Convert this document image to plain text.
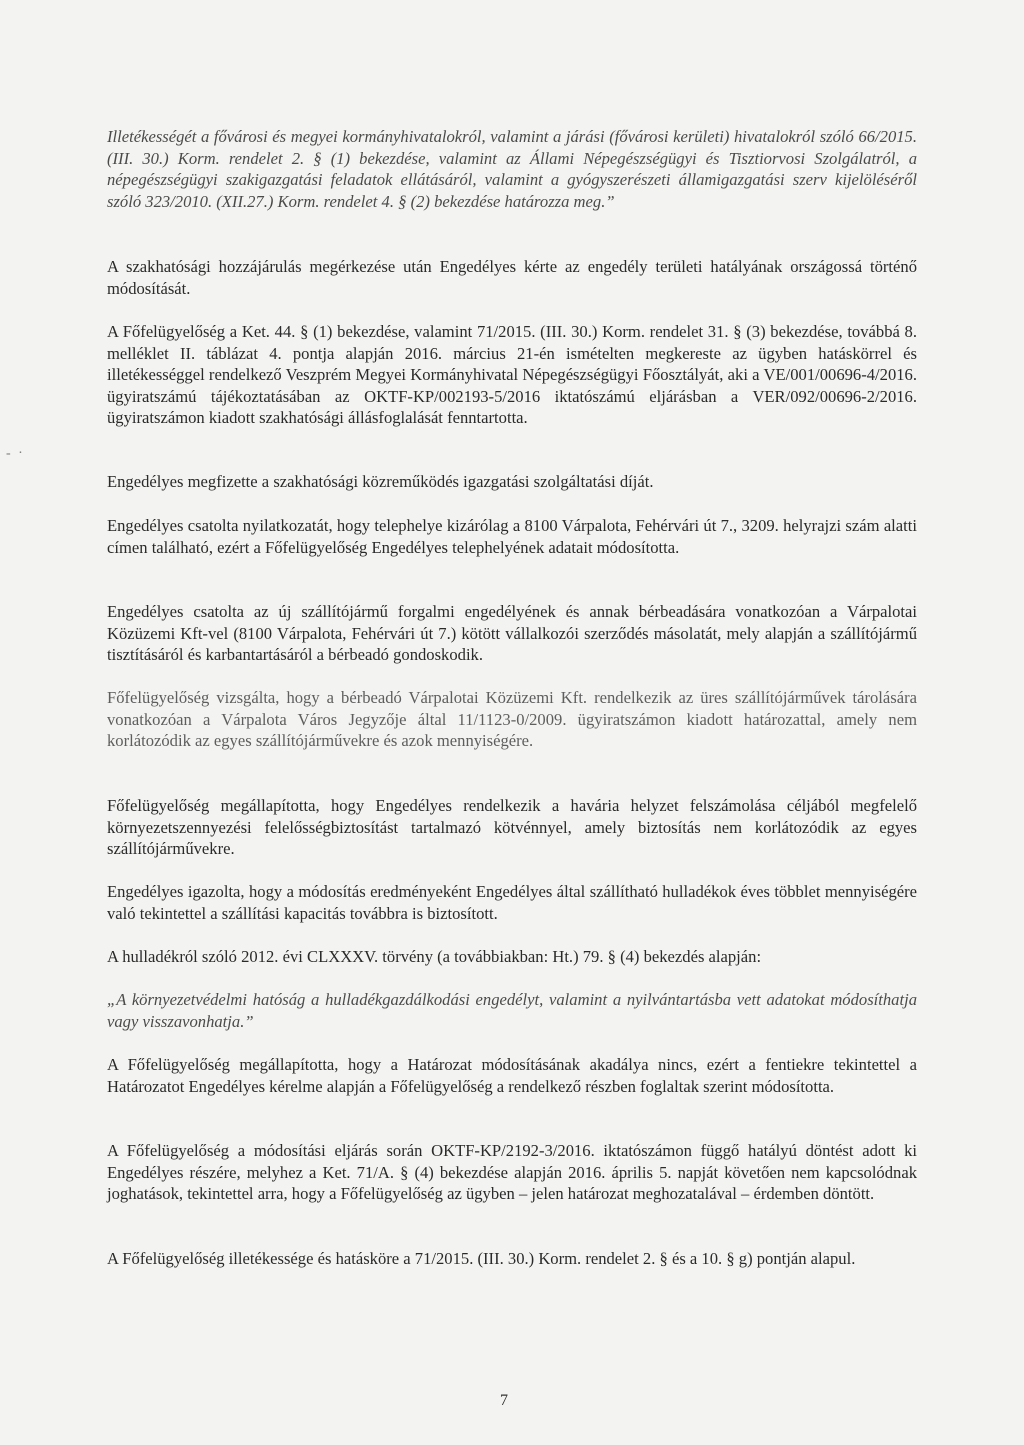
- ·

Illetékességét a fővárosi és megyei kormányhivatalokról, valamint a járási (fővárosi kerületi) hivatalokról szóló 66/2015. (III. 30.) Korm. rendelet 2. § (1) bekezdése, valamint az Állami Népegészségügyi és Tisztiorvosi Szolgálatról, a népegészségügyi szakigazgatási feladatok ellátásáról, valamint a gyógyszerészeti államigazgatási szerv kijelöléséről szóló 323/2010. (XII.27.) Korm. rendelet 4. § (2) bekezdése határozza meg.”

A szakhatósági hozzájárulás megérkezése után Engedélyes kérte az engedély területi hatályának országossá történő módosítását.

A Főfelügyelőség a Ket. 44. § (1) bekezdése, valamint 71/2015. (III. 30.) Korm. rendelet 31. § (3) bekezdése, továbbá 8. melléklet II. táblázat 4. pontja alapján 2016. március 21-én ismételten megkereste az ügyben hatáskörrel és illetékességgel rendelkező Veszprém Megyei Kormányhivatal Népegészségügyi Főosztályát, aki a VE/001/00696-4/2016. ügyiratszámú tájékoztatásában az OKTF-KP/002193-5/2016 iktatószámú eljárásban a VER/092/00696-2/2016. ügyiratszámon kiadott szakhatósági állásfoglalását fenntartotta.

Engedélyes megfizette a szakhatósági közreműködés igazgatási szolgáltatási díját.

Engedélyes csatolta nyilatkozatát, hogy telephelye kizárólag a 8100 Várpalota, Fehérvári út 7., 3209. helyrajzi szám alatti címen található, ezért a Főfelügyelőség Engedélyes telephelyének adatait módosította.

Engedélyes csatolta az új szállítójármű forgalmi engedélyének és annak bérbeadására vonatkozóan a Várpalotai Közüzemi Kft-vel (8100 Várpalota, Fehérvári út 7.) kötött vállalkozói szerződés másolatát, mely alapján a szállítójármű tisztításáról és karbantartásáról a bérbeadó gondoskodik.

Főfelügyelőség vizsgálta, hogy a bérbeadó Várpalotai Közüzemi Kft. rendelkezik az üres szállítójárművek tárolására vonatkozóan a Várpalota Város Jegyzője által 11/1123-0/2009. ügyiratszámon kiadott határozattal, amely nem korlátozódik az egyes szállítójárművekre és azok mennyiségére.

Főfelügyelőség megállapította, hogy Engedélyes rendelkezik a havária helyzet felszámolása céljából megfelelő környezetszennyezési felelősségbiztosítást tartalmazó kötvénnyel, amely biztosítás nem korlátozódik az egyes szállítójárművekre.

Engedélyes igazolta, hogy a módosítás eredményeként Engedélyes által szállítható hulladékok éves többlet mennyiségére való tekintettel a szállítási kapacitás továbbra is biztosított.

A hulladékról szóló 2012. évi CLXXXV. törvény (a továbbiakban: Ht.) 79. § (4) bekezdés alapján:

„A környezetvédelmi hatóság a hulladékgazdálkodási engedélyt, valamint a nyilvántartásba vett adatokat módosíthatja vagy visszavonhatja.”

A Főfelügyelőség megállapította, hogy a Határozat módosításának akadálya nincs, ezért a fentiekre tekintettel a Határozatot Engedélyes kérelme alapján a Főfelügyelőség a rendelkező részben foglaltak szerint módosította.

A Főfelügyelőség a módosítási eljárás során OKTF-KP/2192-3/2016. iktatószámon függő hatályú döntést adott ki Engedélyes részére, melyhez a Ket. 71/A. § (4) bekezdése alapján 2016. április 5. napját követően nem kapcsolódnak joghatások, tekintettel arra, hogy a Főfelügyelőség az ügyben – jelen határozat meghozatalával – érdemben döntött.

A Főfelügyelőség illetékessége és hatásköre a 71/2015. (III. 30.) Korm. rendelet 2. § és a 10. § g) pontján alapul.

7
